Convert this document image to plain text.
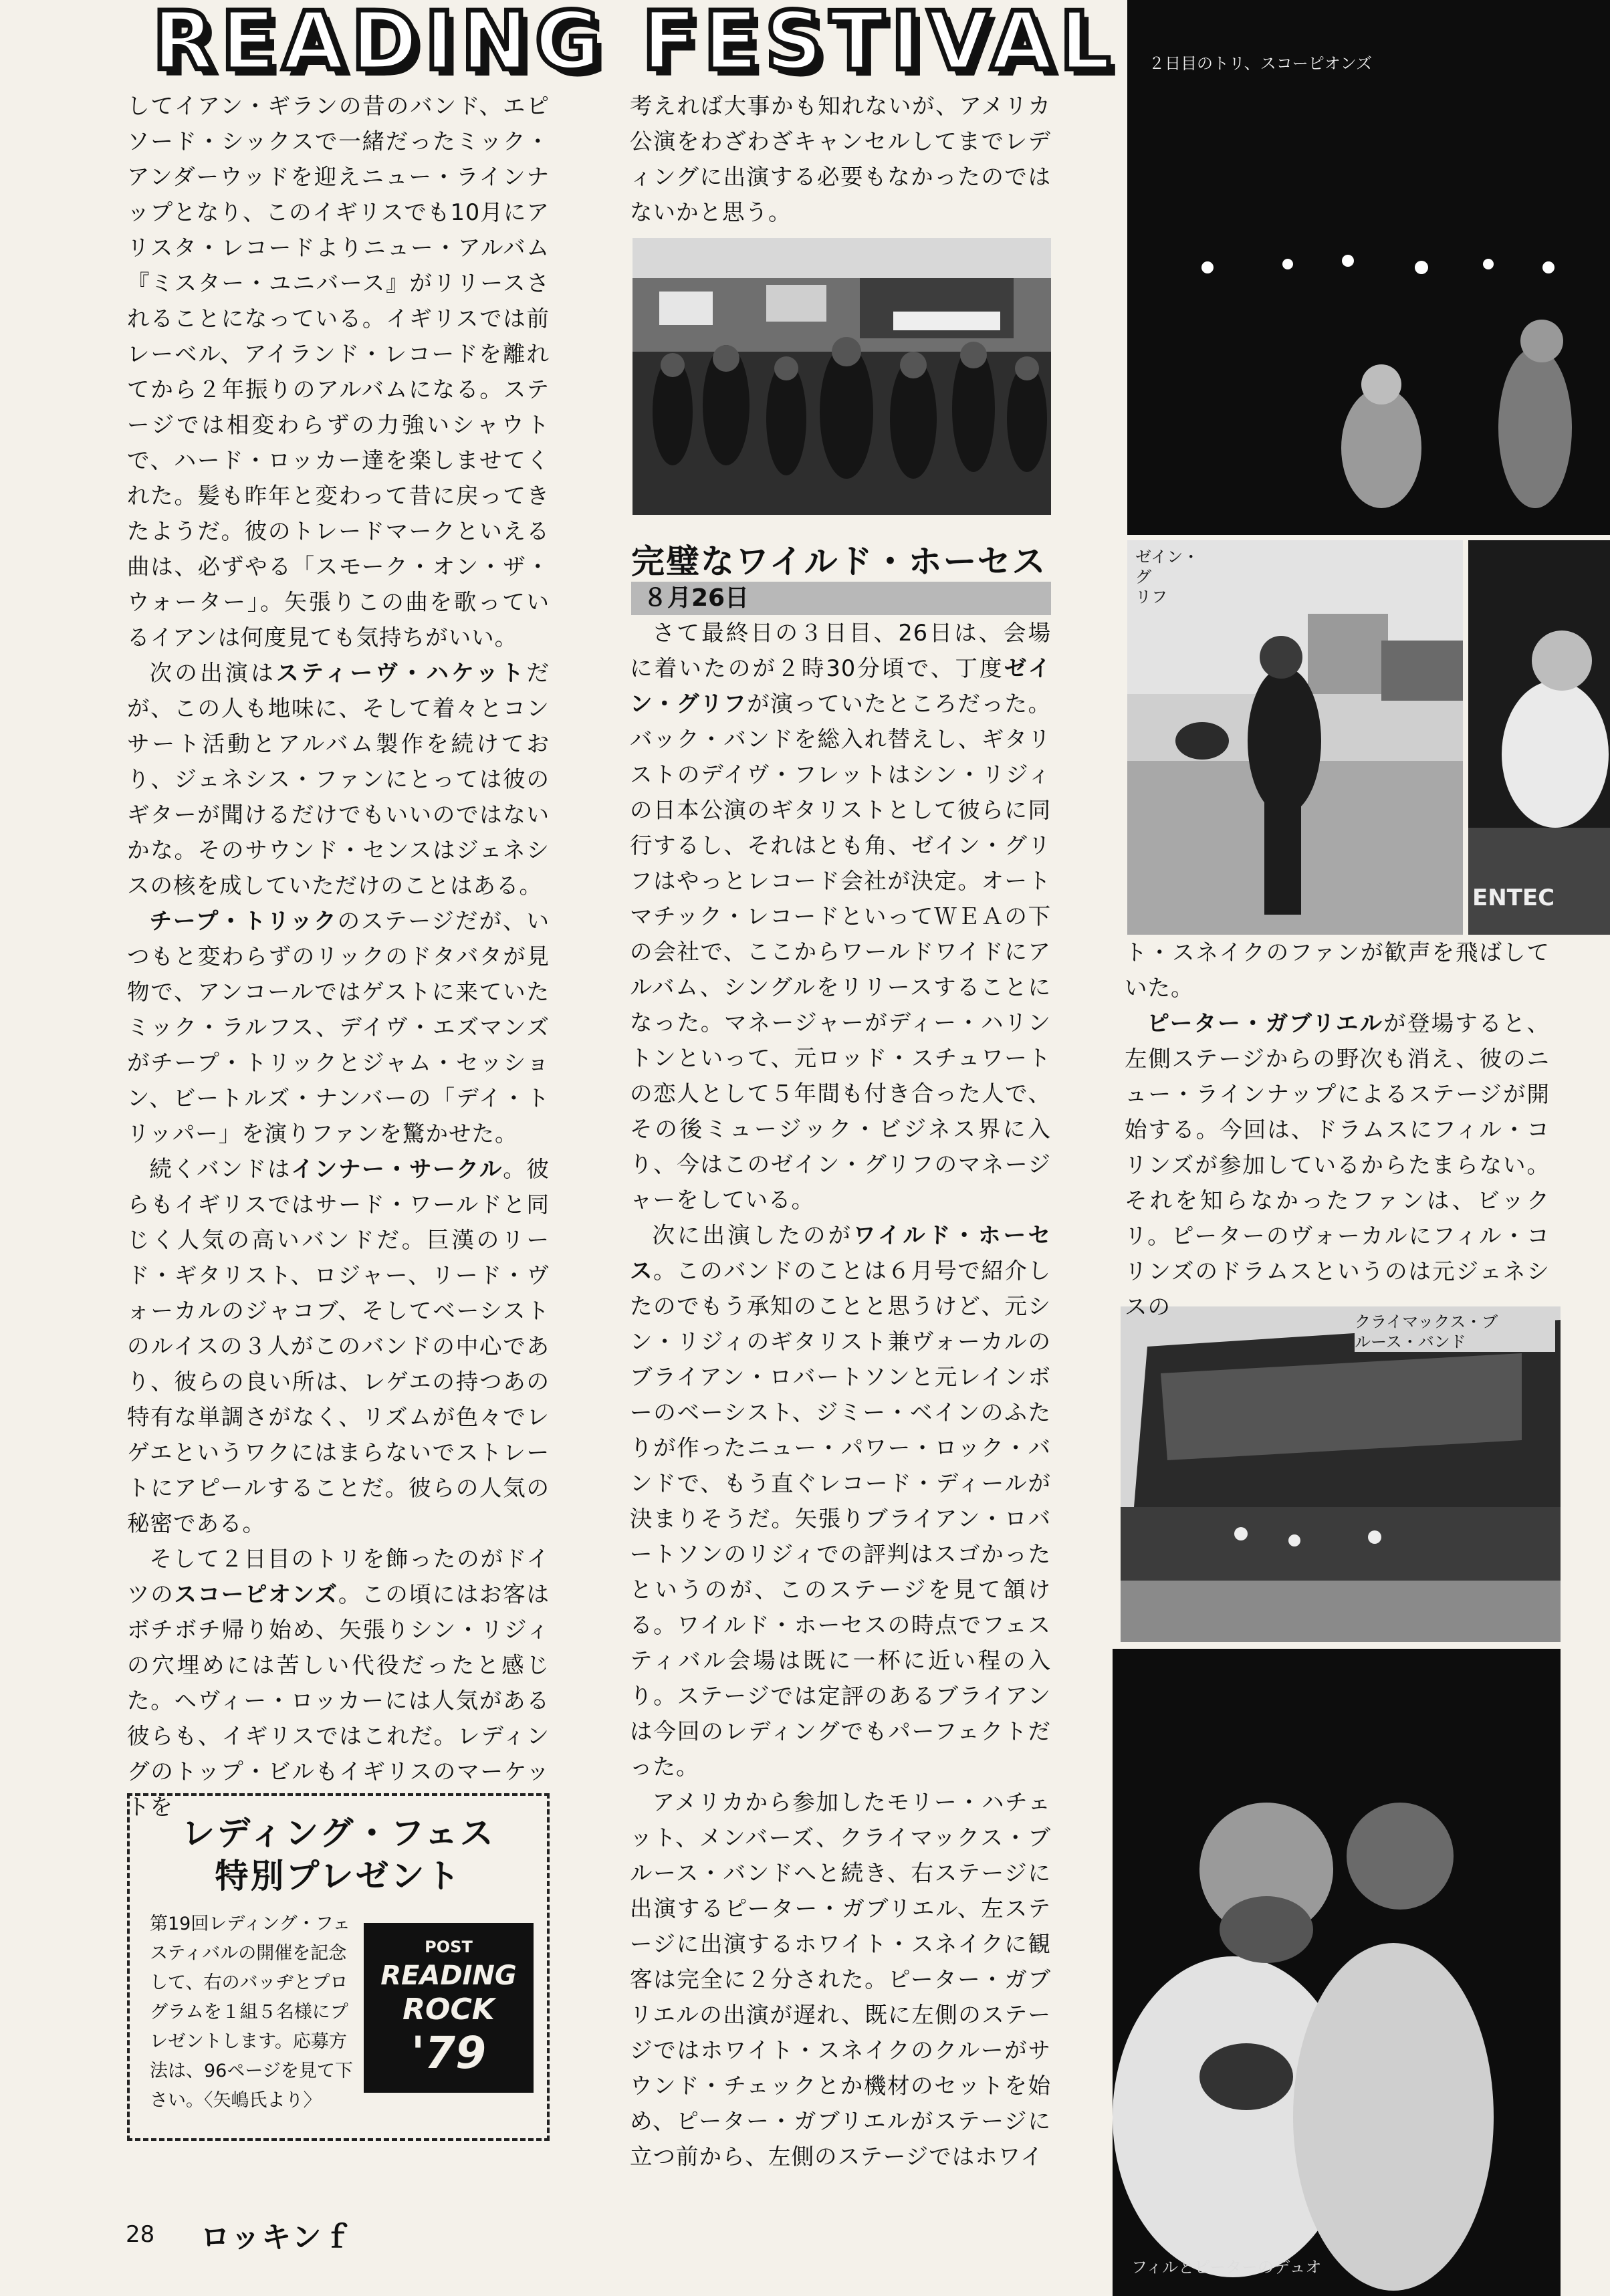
READING FESTIVAL

してイアン・ギランの昔のバンド、エピソード・シックスで一緒だったミック・アンダーウッドを迎えニュー・ラインナップとなり、このイギリスでも10月にアリスタ・レコードよりニュー・アルバム『ミスター・ユニバース』がリリースされることになっている。イギリスでは前レーベル、アイランド・レコードを離れてから２年振りのアルバムになる。ステージでは相変わらずの力強いシャウトで、ハード・ロッカー達を楽しませてくれた。髪も昨年と変わって昔に戻ってきたようだ。彼のトレードマークといえる曲は、必ずやる「スモーク・オン・ザ・ウォーター」。矢張りこの曲を歌っているイアンは何度見ても気持ちがいい。

次の出演はスティーヴ・ハケットだが、この人も地味に、そして着々とコンサート活動とアルバム製作を続けており、ジェネシス・ファンにとっては彼のギターが聞けるだけでもいいのではないかな。そのサウンド・センスはジェネシスの核を成していただけのことはある。

チープ・トリックのステージだが、いつもと変わらずのリックのドタバタが見物で、アンコールではゲストに来ていたミック・ラルフス、デイヴ・エズマンズがチープ・トリックとジャム・セッション、ビートルズ・ナンバーの「デイ・トリッパー」を演りファンを驚かせた。

続くバンドはインナー・サークル。彼らもイギリスではサード・ワールドと同じく人気の高いバンドだ。巨漢のリード・ギタリスト、ロジャー、リード・ヴォーカルのジャコブ、そしてベーシストのルイスの３人がこのバンドの中心であり、彼らの良い所は、レゲエの持つあの特有な単調さがなく、リズムが色々でレゲエというワクにはまらないでストレートにアピールすることだ。彼らの人気の秘密である。

そして２日目のトリを飾ったのがドイツのスコーピオンズ。この頃にはお客はボチボチ帰り始め、矢張りシン・リジィの穴埋めには苦しい代役だったと感じた。ヘヴィー・ロッカーには人気がある彼らも、イギリスではこれだ。レディングのトップ・ビルもイギリスのマーケットを

考えれば大事かも知れないが、アメリカ公演をわざわざキャンセルしてまでレディングに出演する必要もなかったのではないかと思う。

完璧なワイルド・ホーセス
８月26日

さて最終日の３日目、26日は、会場に着いたのが２時30分頃で、丁度ゼイン・グリフが演っていたところだった。バック・バンドを総入れ替えし、ギタリストのデイヴ・フレットはシン・リジィの日本公演のギタリストとして彼らに同行するし、それはとも角、ゼイン・グリフはやっとレコード会社が決定。オートマチック・レコードといってＷＥＡの下の会社で、ここからワールドワイドにアルバム、シングルをリリースすることになった。マネージャーがディー・ハリントンといって、元ロッド・スチュワートの恋人として５年間も付き合った人で、その後ミュージック・ビジネス界に入り、今はこのゼイン・グリフのマネージャーをしている。

次に出演したのがワイルド・ホーセス。このバンドのことは６月号で紹介したのでもう承知のことと思うけど、元シン・リジィのギタリスト兼ヴォーカルのブライアン・ロバートソンと元レインボーのベーシスト、ジミー・ベインのふたりが作ったニュー・パワー・ロック・バンドで、もう直ぐレコード・ディールが決まりそうだ。矢張りブライアン・ロバートソンのリジィでの評判はスゴかったというのが、このステージを見て頷ける。ワイルド・ホーセスの時点でフェスティバル会場は既に一杯に近い程の入り。ステージでは定評のあるブライアンは今回のレディングでもパーフェクトだった。

アメリカから参加したモリー・ハチェット、メンバーズ、クライマックス・ブルース・バンドへと続き、右ステージに出演するピーター・ガブリエル、左ステージに出演するホワイト・スネイクに観客は完全に２分された。ピーター・ガブリエルの出演が遅れ、既に左側のステージではホワイト・スネイクのクルーがサウンド・チェックとか機材のセットを始め、ピーター・ガブリエルがステージに立つ前から、左側のステージではホワイ

２日目のトリ、スコーピオンズ
ゼイン・グ
リフ
ENTEC
クライマックス・ブ
ルース・バンド
フィルとピーターのデュオ

ト・スネイクのファンが歓声を飛ばしていた。

ピーター・ガブリエルが登場すると、左側ステージからの野次も消え、彼のニュー・ラインナップによるステージが開始する。今回は、ドラムスにフィル・コリンズが参加しているからたまらない。それを知らなかったファンは、ビックリ。ピーターのヴォーカルにフィル・コリンズのドラムスというのは元ジェネシスの

レディング・フェス
特別プレゼント
第19回レディング・フェスティバルの開催を記念して、右のバッヂとプログラムを１組５名様にプレゼントします。応募方法は、96ページを見て下さい。〈矢嶋氏より〉
POST
READING
ROCK
'79
28 ロッキンｆ
